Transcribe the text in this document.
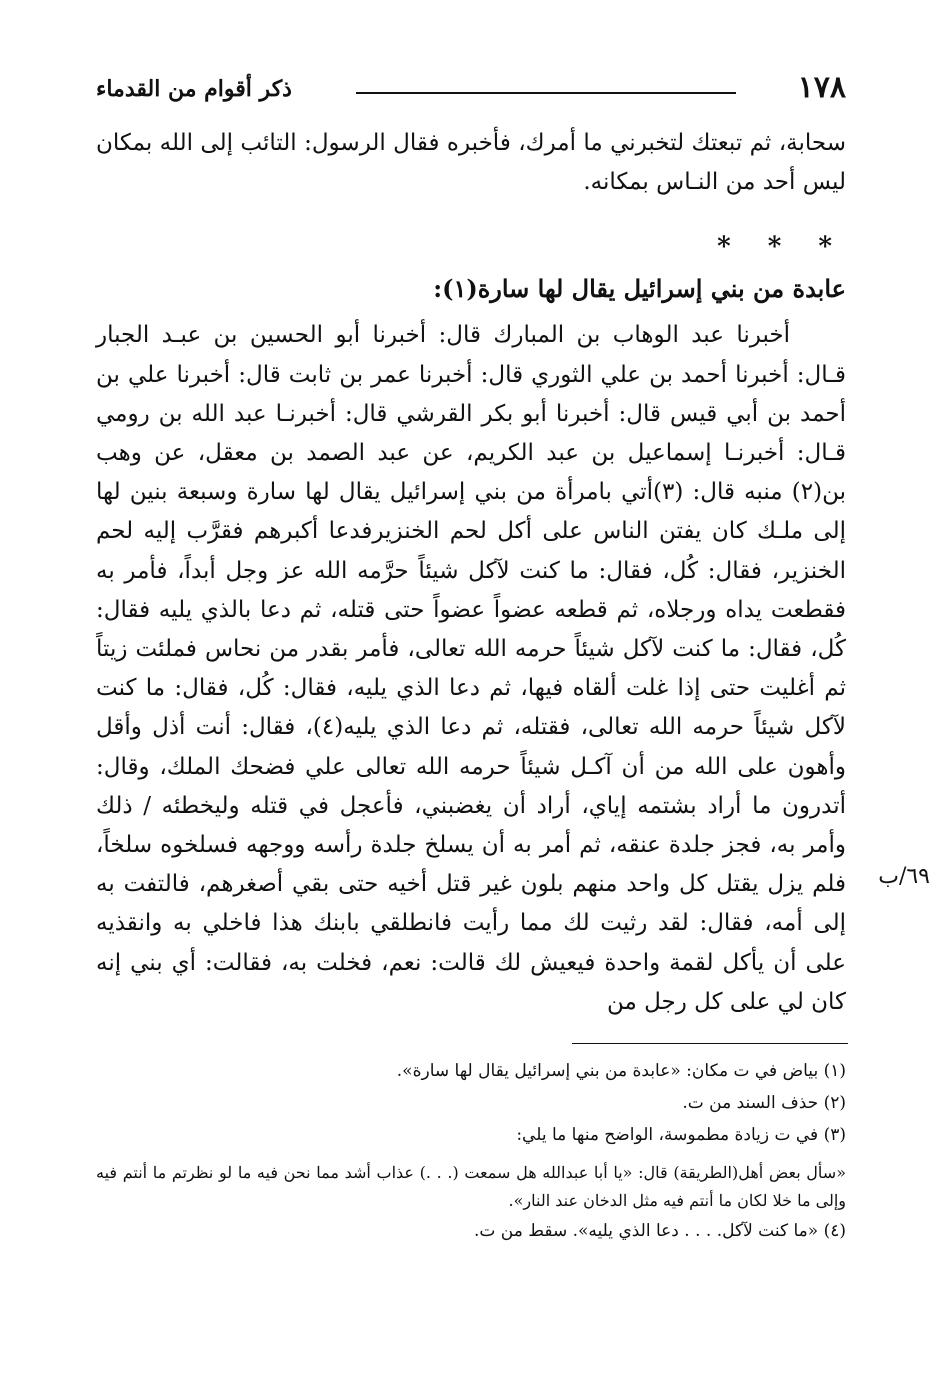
١٧٨
ذكر أقوام من القدماء

سحابة، ثم تبعتك لتخبرني ما أمرك، فأخبره فقال الرسول: التائب إلى الله بمكان ليس أحد من النـاس بمكانه.

* * *
عابدة من بني إسرائيل يقال لها سارة(١):

أخبرنا عبد الوهاب بن المبارك قال: أخبرنا أبو الحسين بن عبـد الجبار قـال: أخبرنا أحمد بن علي الثوري قال: أخبرنا عمر بن ثابت قال: أخبرنا علي بن أحمد بن أبي قيس قال: أخبرنا أبو بكر القرشي قال: أخبرنـا عبد الله بن رومي قـال: أخبرنـا إسماعيل بن عبد الكريم، عن عبد الصمد بن معقل، عن وهب بن(٢) منبه قال: (٣)أتي بامرأة من بني إسرائيل يقال لها سارة وسبعة بنين لها إلى ملـك كان يفتن الناس على أكل لحم الخنزيرفدعا أكبرهم فقرَّب إليه لحم الخنزير، فقال: كُل، فقال: ما كنت لآكل شيئاً حرَّمه الله عز وجل أبداً، فأمر به فقطعت يداه ورجلاه، ثم قطعه عضواً عضواً حتى قتله، ثم دعا بالذي يليه فقال: كُل، فقال: ما كنت لآكل شيئاً حرمه الله تعالى، فأمر بقدر من نحاس فملئت زيتاً ثم أغليت حتى إذا غلت ألقاه فيها، ثم دعا الذي يليه، فقال: كُل، فقال: ما كنت لآكل شيئاً حرمه الله تعالى، فقتله، ثم دعا الذي يليه(٤)، فقال: أنت أذل وأقل وأهون على الله من أن آكـل شيئاً حرمه الله تعالى علي فضحك الملك، وقال: أتدرون ما أراد بشتمه إياي، أراد أن يغضبني، فأعجل في قتله وليخطئه / ذلك وأمر به، فجز جلدة عنقه، ثم أمر به أن يسلخ جلدة رأسه ووجهه فسلخوه سلخاً، فلم يزل يقتل كل واحد منهم بلون غير قتل أخيه حتى بقي أصغرهم، فالتفت به إلى أمه، فقال: لقد رثيت لك مما رأيت فانطلقي بابنك هذا فاخلي به وانقذيه على أن يأكل لقمة واحدة فيعيش لك قالت: نعم، فخلت به، فقالت: أي بني إنه كان لي على كل رجل من

٦٩/ب

(١) بياض في ت مكان: «عابدة من بني إسرائيل يقال لها سارة».

(٢) حذف السند من ت.

(٣) في ت زيادة مطموسة، الواضح منها ما يلي:

«سأل بعض أهل(الطريقة) قال: «يا أبا عبدالله هل سمعت (. . .) عذاب أشد مما نحن فيه ما لو نظرتم ما أنتم فيه وإلى ما خلا لكان ما أنتم فيه مثل الدخان عند النار».

(٤) «ما كنت لآكل. . . . دعا الذي يليه». سقط من ت.
